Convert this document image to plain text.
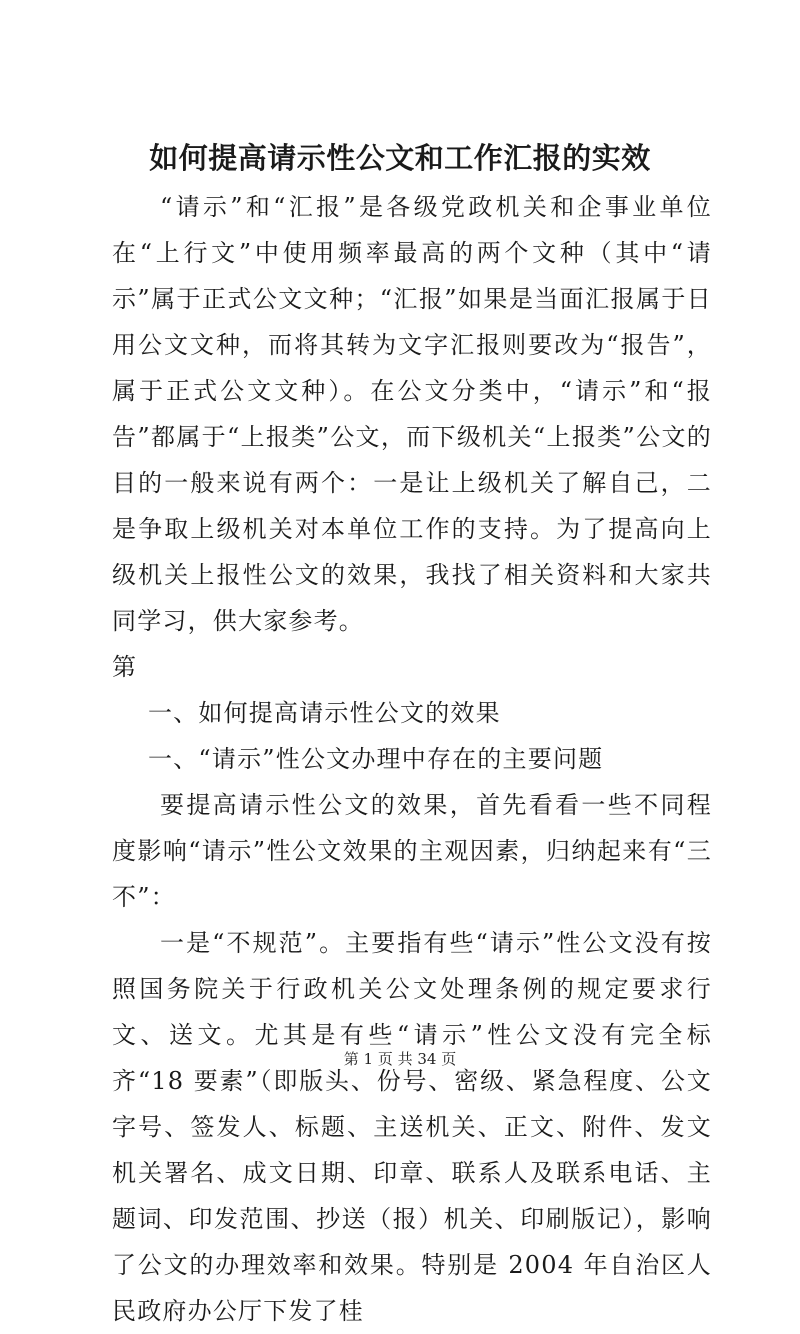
如何提高请示性公文和工作汇报的实效

“请示”和“汇报”是各级党政机关和企事业单位在“上行文”中使用频率最高的两个文种（其中“请示”属于正式公文文种；“汇报”如果是当面汇报属于日用公文文种，而将其转为文字汇报则要改为“报告”，属于正式公文文种）。在公文分类中，“请示”和“报告”都属于“上报类”公文，而下级机关“上报类”公文的目的一般来说有两个：一是让上级机关了解自己，二是争取上级机关对本单位工作的支持。为了提高向上级机关上报性公文的效果，我找了相关资料和大家共同学习，供大家参考。

第

一、如何提高请示性公文的效果

一、“请示”性公文办理中存在的主要问题

要提高请示性公文的效果，首先看看一些不同程度影响“请示”性公文效果的主观因素，归纳起来有“三不”：

一是“不规范”。主要指有些“请示”性公文没有按照国务院关于行政机关公文处理条例的规定要求行文、送文。尤其是有些“请示”性公文没有完全标齐“18 要素”（即版头、份号、密级、紧急程度、公文字号、签发人、标题、主送机关、正文、附件、发文机关署名、成文日期、印章、联系人及联系电话、主题词、印发范围、抄送（报）机关、印刷版记），影响了公文的办理效率和效果。特别是 2004 年自治区人民政府办公厅下发了桂

第 1 页 共 34 页
